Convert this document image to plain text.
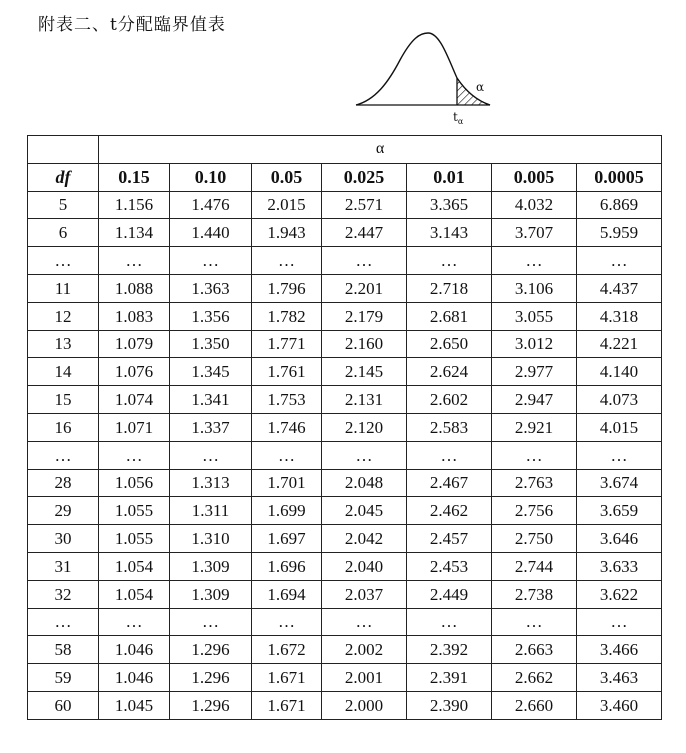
附表二、t分配臨界值表
α
$t_\alpha$
	α						
df	0.15	0.10	0.05	0.025	0.01	0.005	0.0005
5	1.156	1.476	2.015	2.571	3.365	4.032	6.869
6	1.134	1.440	1.943	2.447	3.143	3.707	5.959
…	…	…	…	…	…	…	…
11	1.088	1.363	1.796	2.201	2.718	3.106	4.437
12	1.083	1.356	1.782	2.179	2.681	3.055	4.318
13	1.079	1.350	1.771	2.160	2.650	3.012	4.221
14	1.076	1.345	1.761	2.145	2.624	2.977	4.140
15	1.074	1.341	1.753	2.131	2.602	2.947	4.073
16	1.071	1.337	1.746	2.120	2.583	2.921	4.015
…	…	…	…	…	…	…	…
28	1.056	1.313	1.701	2.048	2.467	2.763	3.674
29	1.055	1.311	1.699	2.045	2.462	2.756	3.659
30	1.055	1.310	1.697	2.042	2.457	2.750	3.646
31	1.054	1.309	1.696	2.040	2.453	2.744	3.633
32	1.054	1.309	1.694	2.037	2.449	2.738	3.622
…	…	…	…	…	…	…	…
58	1.046	1.296	1.672	2.002	2.392	2.663	3.466
59	1.046	1.296	1.671	2.001	2.391	2.662	3.463
60	1.045	1.296	1.671	2.000	2.390	2.660	3.460
